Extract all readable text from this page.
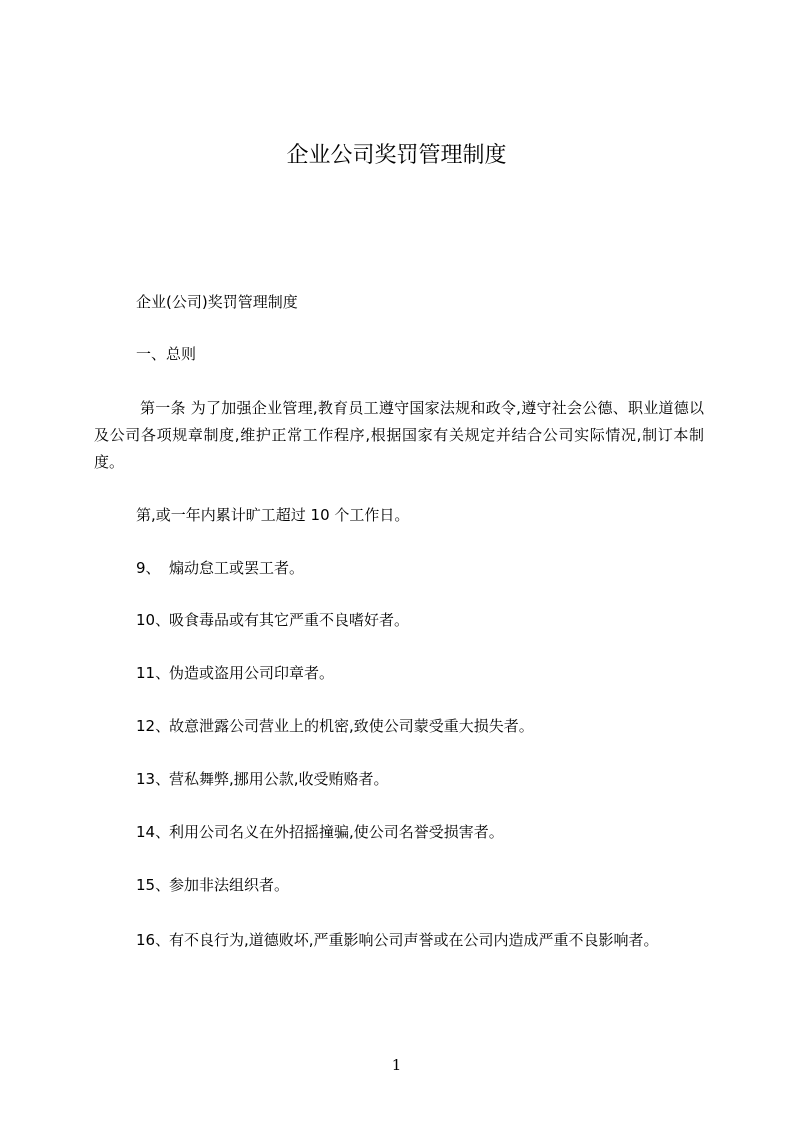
企业公司奖罚管理制度
企业(公司)奖罚管理制度
一、总则
第一条 为了加强企业管理,教育员工遵守国家法规和政令,遵守社会公德、职业道德以及公司各项规章制度,维护正常工作程序,根据国家有关规定并结合公司实际情况,制订本制度。
第,或一年内累计旷工超过 10 个工作日。
9、 煽动怠工或罢工者。
10、吸食毒品或有其它严重不良嗜好者。
11、伪造或盗用公司印章者。
12、故意泄露公司营业上的机密,致使公司蒙受重大损失者。
13、营私舞弊,挪用公款,收受贿赂者。
14、利用公司名义在外招摇撞骗,使公司名誉受损害者。
15、参加非法组织者。
16、有不良行为,道德败坏,严重影响公司声誉或在公司内造成严重不良影响者。
1
